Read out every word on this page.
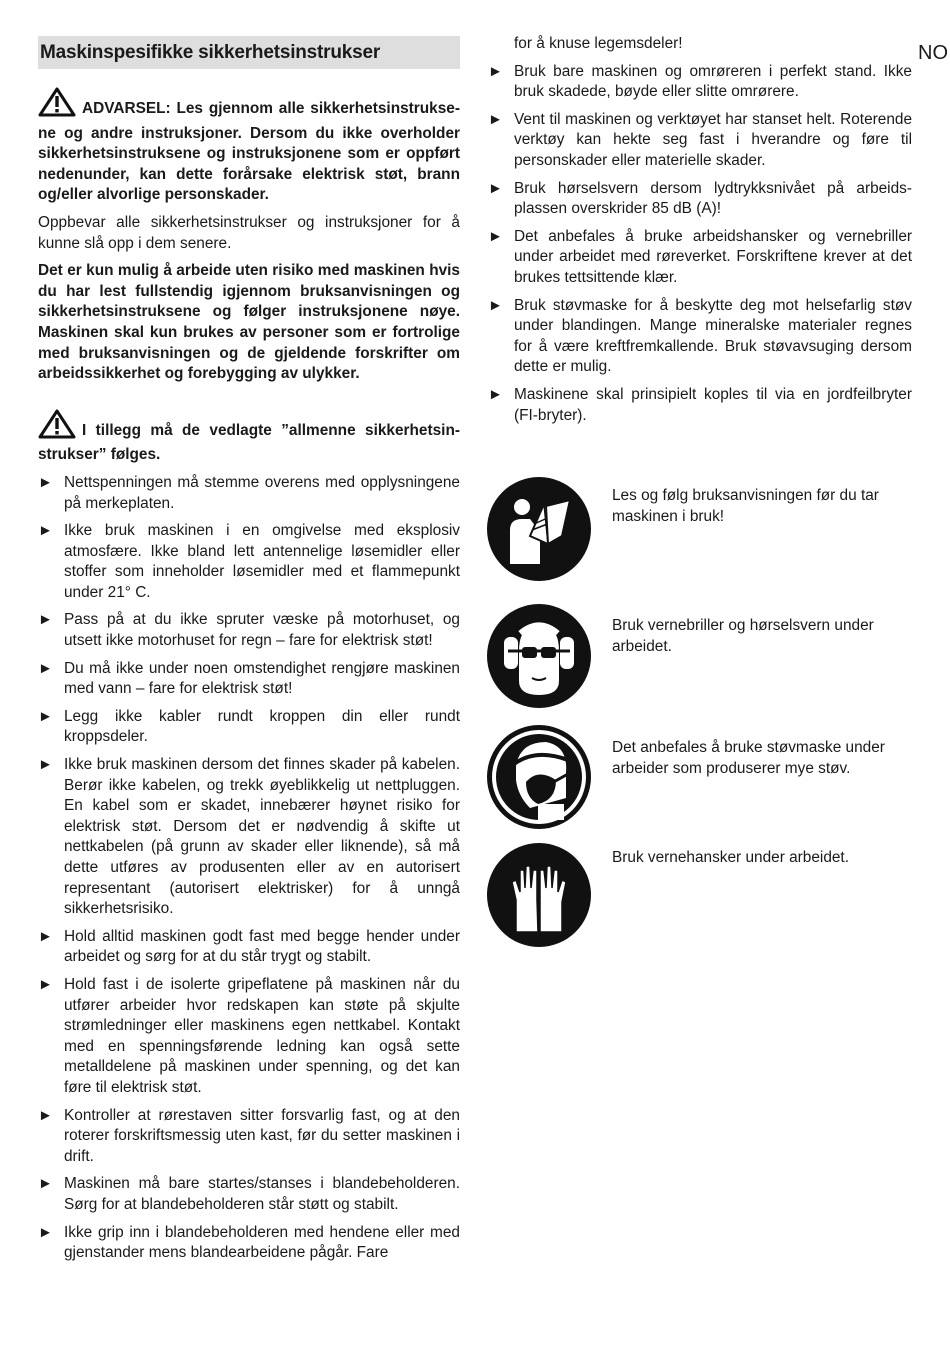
NO
Maskinspesifikke sikkerhetsinstrukser
ADVARSEL: Les gjennom alle sikkerhetsinstruksene og andre instruksjoner. Dersom du ikke overholder sikkerhetsinstruksene og instruksjonene som er oppført nedenunder, kan dette forårsake elektrisk støt, brann og/eller alvorlige personskader.

Oppbevar alle sikkerhetsinstrukser og instruksjoner for å kunne slå opp i dem senere.

Det er kun mulig å arbeide uten risiko med maskinen hvis du har lest fullstendig igjennom bruksanvisningen og sikkerhetsinstruksene og følger instruksjonene nøye. Maskinen skal kun brukes av personer som er fortrolige med bruksanvisningen og de gjeldende forskrifter om arbeidssikkerhet og forebygging av ulykker.

I tillegg må de vedlagte ”allmenne sikkerhetsinstrukser” følges.
► Nettspenningen må stemme overens med opplysningene på merkeplaten.
► Ikke bruk maskinen i en omgivelse med eksplosiv atmosfære. Ikke bland lett antennelige løsemidler eller stoffer som inneholder løsemidler med et flammepunkt under 21° C.
► Pass på at du ikke spruter væske på motorhuset, og utsett ikke motorhuset for regn – fare for elektrisk støt!
► Du må ikke under noen omstendighet rengjøre maskinen med vann – fare for elektrisk støt!
► Legg ikke kabler rundt kroppen din eller rundt kroppsdeler.
► Ikke bruk maskinen dersom det finnes skader på kabelen. Berør ikke kabelen, og trekk øyeblikkelig ut nettpluggen. En kabel som er skadet, innebærer høynet risiko for elektrisk støt. Dersom det er nødvendig å skifte ut nettkabelen (på grunn av skader eller liknende), så må dette utføres av produsenten eller av en autorisert representant (autorisert elektrisker) for å unngå sikkerhetsrisiko.
► Hold alltid maskinen godt fast med begge hender under arbeidet og sørg for at du står trygt og stabilt.
► Hold fast i de isolerte gripeflatene på maskinen når du utfører arbeider hvor redskapen kan støte på skjulte strømledninger eller maskinens egen nettkabel. Kontakt med en spenningsførende ledning kan også sette metalldelene på maskinen under spenning, og det kan føre til elektrisk støt.
► Kontroller at rørestaven sitter forsvarlig fast, og at den roterer forskriftsmessig uten kast, før du setter maskinen i drift.
► Maskinen må bare startes/stanses i blandebeholderen. Sørg for at blandebeholderen står støtt og stabilt.
► Ikke grip inn i blandebeholderen med hendene eller med gjenstander mens blandearbeidene pågår. Fare
for å knuse legemsdeler!
► Bruk bare maskinen og omrøreren i perfekt stand. Ikke bruk skadede, bøyde eller slitte omrørere.
► Vent til maskinen og verktøyet har stanset helt. Roterende verktøy kan hekte seg fast i hverandre og føre til personskader eller materielle skader.
► Bruk hørselsvern dersom lydtrykksnivået på arbeidsplassen overskrider 85 dB (A)!
► Det anbefales å bruke arbeidshansker og vernebriller under arbeidet med røreverket. Forskriftene krever at det brukes tettsittende klær.
► Bruk støvmaske for å beskytte deg mot helsefarlig støv under blandingen. Mange mineralske materialer regnes for å være kreftfremkallende. Bruk støvavsuging dersom dette er mulig.
► Maskinene skal prinsipielt koples til via en jordfeilbryter (FI-bryter).
Les og følg bruksanvisningen før du tar maskinen i bruk!
Bruk vernebriller og hørselsvern under arbeidet.
Det anbefales å bruke støvmaske under arbeider som produserer mye støv.
Bruk vernehansker under arbeidet.
